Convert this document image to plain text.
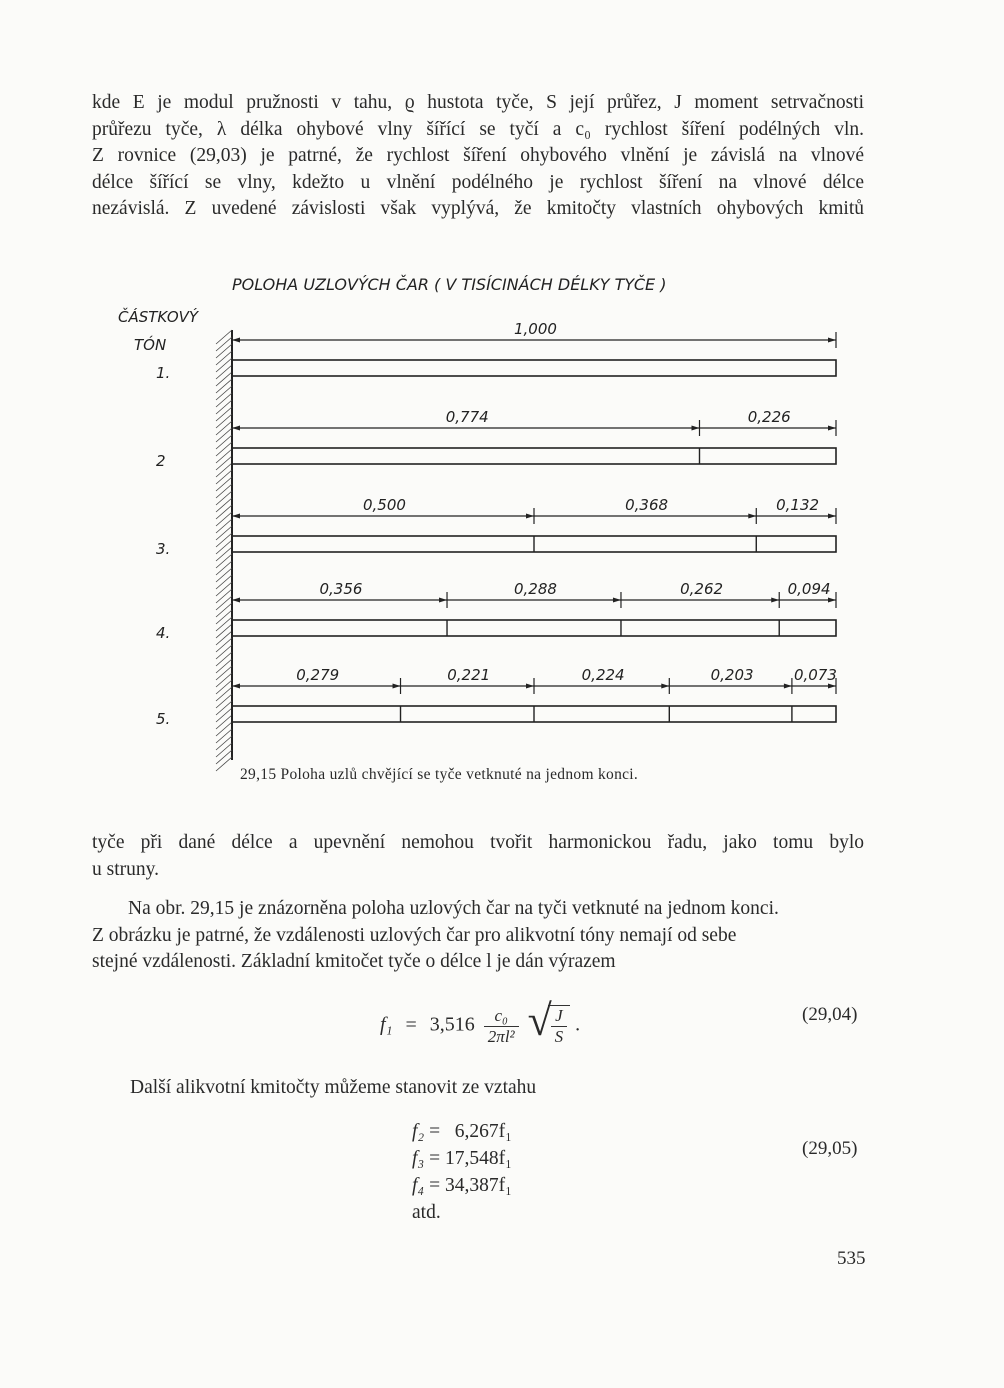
kde E je modul pružnosti v tahu, ϱ hustota tyče, S její průřez, J moment setrvačnosti
průřezu tyče, λ délka ohybové vlny šířící se tyčí a c₀ rychlost šíření podélných vln.
Z rovnice (29,03) je patrné, že rychlost šíření ohybového vlnění je závislá na vlnové
délce šířící se vlny, kdežto u vlnění podélného je rychlost šíření na vlnové délce
nezávislá. Z uvedené závislosti však vyplývá, že kmitočty vlastních ohybových kmitů
POLOHA UZLOVÝCH ČAR ( V TISÍCINÁCH DÉLKY TYČE )
ČÁSTKOVÝ
TÓN
1.
1,000
2
0,774	0,226
3.
0,500	0,368	0,132
4.
0,356	0,288	0,262	0,094
5.
0,279	0,221	0,224	0,203	0,073

29,15 Poloha uzlů chvějící se tyče vetknuté na jednom konci.

tyče při dané délce a upevnění nemohou tvořit harmonickou řadu, jako tomu bylo
u struny.
Na obr. 29,15 je znázorněna poloha uzlových čar na tyči vetknuté na jednom konci.
Z obrázku je patrné, že vzdálenosti uzlových čar pro alikvotní tóny nemají od sebe
stejné vzdálenosti. Základní kmitočet tyče o délce l je dán výrazem
$f_1 = 3,516 \frac{\text{c₀}}{\text{2πl²}}$
√
$\frac{J}{S}$ .	(29,04)

Další alikvotní kmitočty můžeme stanovit ze vztahu

f₂ =   6,267f₁
f₃ = 17,548f₁
f₄ = 34,387f₁
atd.

(29,05)

535
